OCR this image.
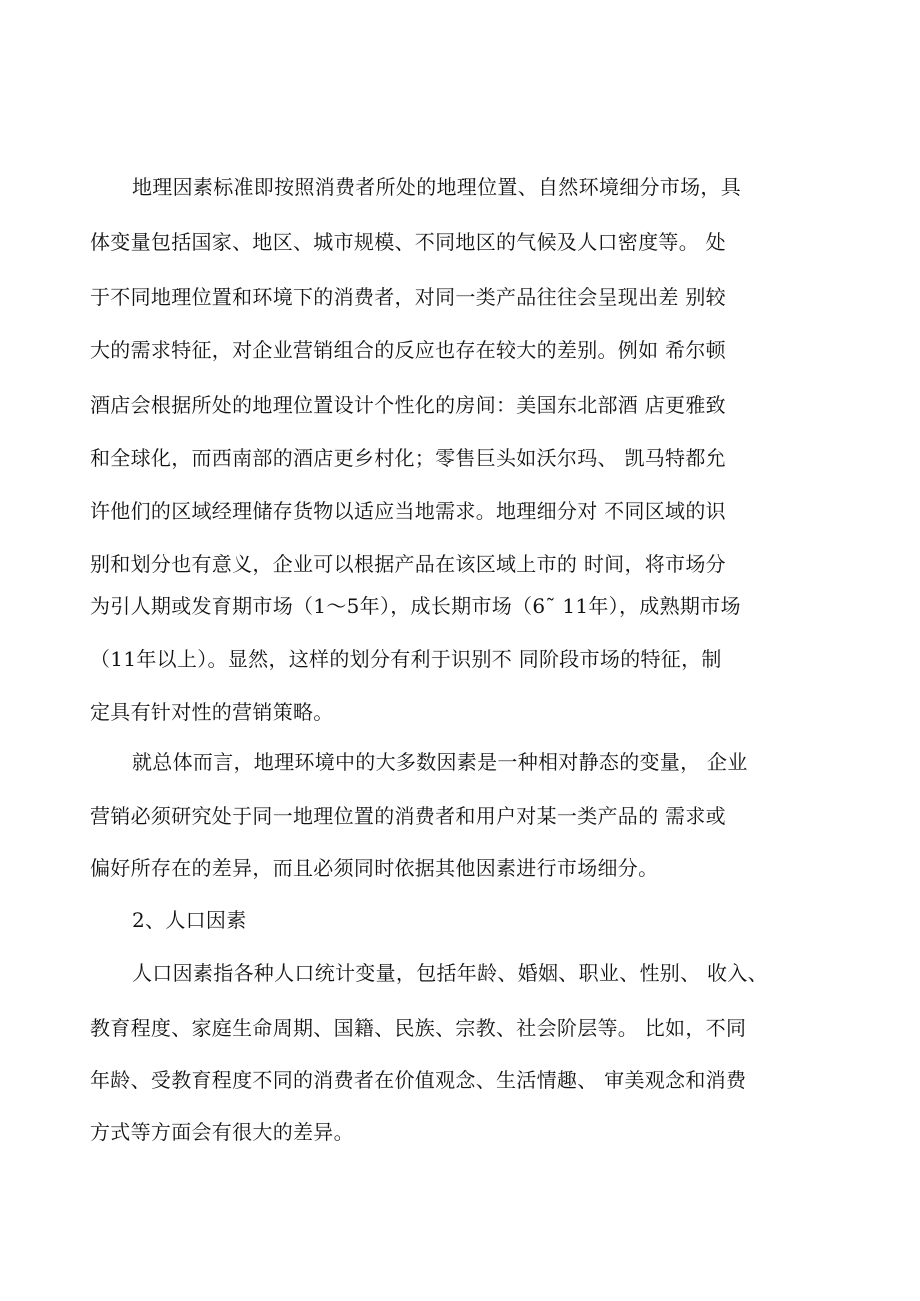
地理因素标准即按照消费者所处的地理位置、自然环境细分市场，具
体变量包括国家、地区、城市规模、不同地区的气候及人口密度等。 处
于不同地理位置和环境下的消费者，对同一类产品往往会呈现出差 别较
大的需求特征，对企业营销组合的反应也存在较大的差别。例如 希尔顿
酒店会根据所处的地理位置设计个性化的房间：美国东北部酒 店更雅致
和全球化，而西南部的酒店更乡村化；零售巨头如沃尔玛、 凯马特都允
许他们的区域经理储存货物以适应当地需求。地理细分对 不同区域的识
别和划分也有意义，企业可以根据产品在该区域上市的 时间，将市场分
为引人期或发育期市场（1～5年），成长期市场（6˜ 11年），成熟期市场
（11年以上）。显然，这样的划分有利于识别不 同阶段市场的特征，制
定具有针对性的营销策略。
就总体而言，地理环境中的大多数因素是一种相对静态的变量， 企业
营销必须研究处于同一地理位置的消费者和用户对某一类产品的 需求或
偏好所存在的差异，而且必须同时依据其他因素进行市场细分。
2、人口因素
人口因素指各种人口统计变量，包括年龄、婚姻、职业、性别、 收入、
教育程度、家庭生命周期、国籍、民族、宗教、社会阶层等。 比如，不同
年龄、受教育程度不同的消费者在价值观念、生活情趣、 审美观念和消费
方式等方面会有很大的差异。
